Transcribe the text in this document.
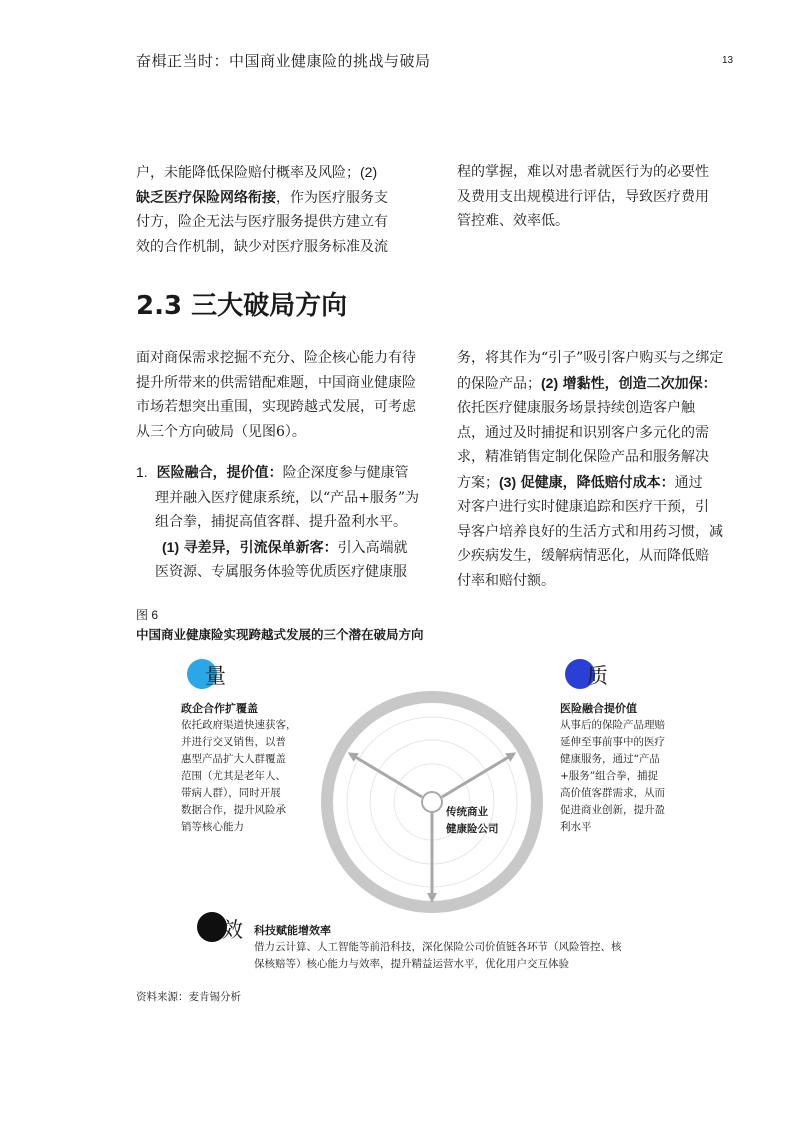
奋楫正当时：中国商业健康险的挑战与破局	13

户，未能降低保险赔付概率及风险；(2)

缺乏医疗保险网络衔接，作为医疗服务支

付方，险企无法与医疗服务提供方建立有

效的合作机制，缺少对医疗服务标准及流

程的掌握，难以对患者就医行为的必要性

及费用支出规模进行评估，导致医疗费用

管控难、效率低。

2.3 三大破局方向

面对商保需求挖掘不充分、险企核心能力有待

提升所带来的供需错配难题，中国商业健康险

市场若想突出重围，实现跨越式发展，可考虑

从三个方向破局（见图6）。

1. 医险融合，提价值：险企深度参与健康管

理并融入医疗健康系统，以“产品+服务”为

组合拳，捕捉高值客群、提升盈利水平。

(1) 寻差异，引流保单新客：引入高端就

医资源、专属服务体验等优质医疗健康服

务，将其作为“引子”吸引客户购买与之绑定

的保险产品；(2) 增黏性，创造二次加保：

依托医疗健康服务场景持续创造客户触

点，通过及时捕捉和识别客户多元化的需

求，精准销售定制化保险产品和服务解决

方案；(3) 促健康，降低赔付成本：通过

对客户进行实时健康追踪和医疗干预，引

导客户培养良好的生活方式和用药习惯，减

少疾病发生，缓解病情恶化，从而降低赔

付率和赔付额。

图 6
中国商业健康险实现跨越式发展的三个潜在破局方向
传统商业
健康险公司
量
政企合作扩覆盖

依托政府渠道快速获客，

并进行交叉销售，以普

惠型产品扩大人群覆盖

范围（尤其是老年人、

带病人群），同时开展

数据合作，提升风险承

销等核心能力

质
医险融合提价值

从事后的保险产品理赔

延伸至事前事中的医疗

健康服务，通过“产品

+服务”组合拳，捕捉

高价值客群需求，从而

促进商业创新，提升盈

利水平

效 科技赋能增效率

借力云计算、人工智能等前沿科技，深化保险公司价值链各环节（风险管控、核

保核赔等）核心能力与效率，提升精益运营水平，优化用户交互体验

资料来源：麦肯锡分析
